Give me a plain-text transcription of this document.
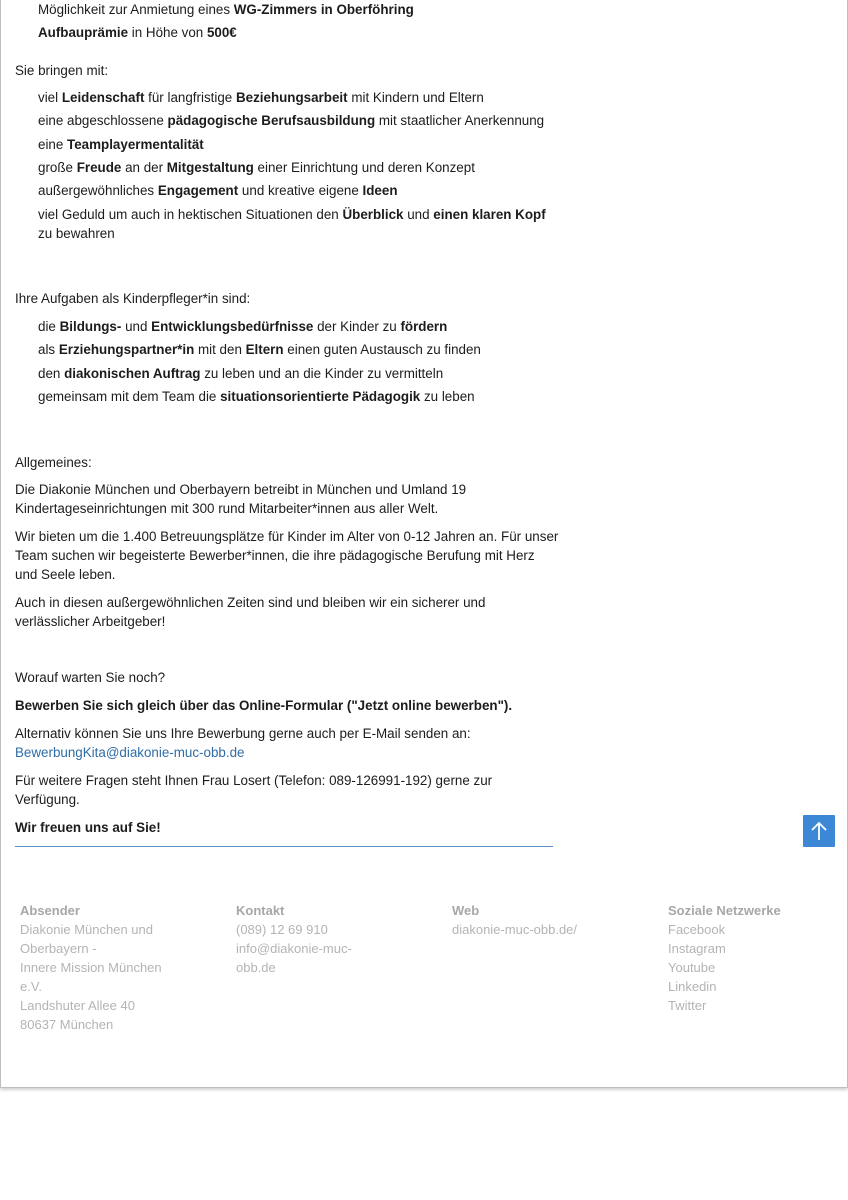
Möglichkeit zur Anmietung eines WG-Zimmers in Oberföhring
Aufbauprämie in Höhe von 500€
Sie bringen mit:
viel Leidenschaft für langfristige Beziehungsarbeit mit Kindern und Eltern
eine abgeschlossene pädagogische Berufsausbildung mit staatlicher Anerkennung
eine Teamplayermentalität
große Freude an der Mitgestaltung einer Einrichtung und deren Konzept
außergewöhnliches Engagement und kreative eigene Ideen
viel Geduld um auch in hektischen Situationen den Überblick und einen klaren Kopf
zu bewahren
Ihre Aufgaben als Kinderpfleger*in sind:
die Bildungs- und Entwicklungsbedürfnisse der Kinder zu fördern
als Erziehungspartner*in mit den Eltern einen guten Austausch zu finden
den diakonischen Auftrag zu leben und an die Kinder zu vermitteln
gemeinsam mit dem Team die situationsorientierte Pädagogik zu leben
Allgemeines:
Die Diakonie München und Oberbayern betreibt in München und Umland 19 Kindertageseinrichtungen mit 300 rund Mitarbeiter*innen aus aller Welt.
Wir bieten um die 1.400 Betreuungsplätze für Kinder im Alter von 0-12 Jahren an. Für unser Team suchen wir begeisterte Bewerber*innen, die ihre pädagogische Berufung mit Herz und Seele leben.
Auch in diesen außergewöhnlichen Zeiten sind und bleiben wir ein sicherer und verlässlicher Arbeitgeber!
Worauf warten Sie noch?
Bewerben Sie sich gleich über das Online-Formular ("Jetzt online bewerben").
Alternativ können Sie uns Ihre Bewerbung gerne auch per E-Mail senden an: BewerbungKita@diakonie-muc-obb.de
Für weitere Fragen steht Ihnen Frau Losert (Telefon: 089-126991-192) gerne zur Verfügung.
Wir freuen uns auf Sie!
Absender
Diakonie München und
Oberbayern -
Innere Mission München
e.V.
Landshuter Allee 40
80637 München
Kontakt
(089) 12 69 910
info@diakonie-muc-
obb.de
Web
diakonie-muc-obb.de/
Soziale Netzwerke
Facebook
Instagram
Youtube
Linkedin
Twitter
